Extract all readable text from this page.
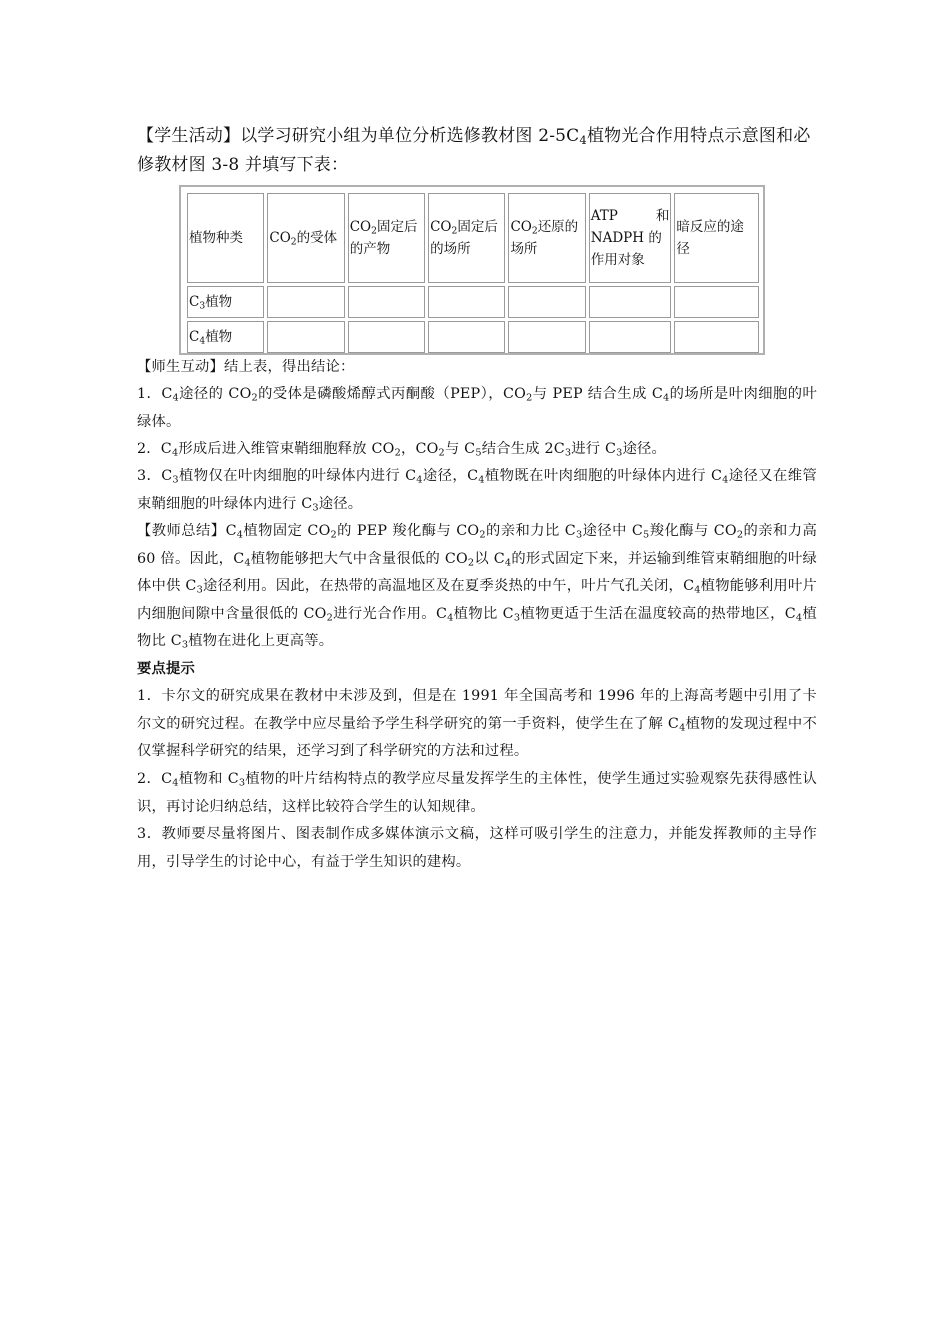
【学生活动】以学习研究小组为单位分析选修教材图 $2-5C_4$植物光合作用特点示意图和必
修教材图 3-8 并填写下表：

植物种类	$CO_2$的受体	$CO_2$固定后的产物	$CO_2$固定后的场所	$CO_2$还原的场所	ATP 和
NADPH 的作用对象	暗反应的途径
$C_3$植物						
$C_4$植物						

【师生互动】结上表，得出结论：

1．$C_4$途径的 $CO_2$的受体是磷酸烯醇式丙酮酸（PEP），$CO_2$与 PEP 结合生成 $C_4$的场所是叶肉细胞的叶绿体。

2．$C_4$形成后进入维管束鞘细胞释放 $CO_2$，$CO_2$与 $C_5$结合生成 $2C_3$进行 $C_3$途径。

3．$C_3$植物仅在叶肉细胞的叶绿体内进行 $C_4$途径，$C_4$植物既在叶肉细胞的叶绿体内进行 $C_4$途径又在维管束鞘细胞的叶绿体内进行 $C_3$途径。

【教师总结】$C_4$植物固定 $CO_2$的 PEP 羧化酶与 $CO_2$的亲和力比 $C_3$途径中 $C_5$羧化酶与 $CO_2$的亲和力高 60 倍。因此，$C_4$植物能够把大气中含量很低的 $CO_2$以 $C_4$的形式固定下来，并运输到维管束鞘细胞的叶绿体中供 $C_3$途径利用。因此，在热带的高温地区及在夏季炎热的中午，叶片气孔关闭，$C_4$植物能够利用叶片内细胞间隙中含量很低的 $CO_2$进行光合作用。$C_4$植物比 $C_3$植物更适于生活在温度较高的热带地区，$C_4$植物比 $C_3$植物在进化上更高等。

要点提示

1．卡尔文的研究成果在教材中未涉及到，但是在 1991 年全国高考和 1996 年的上海高考题中引用了卡尔文的研究过程。在教学中应尽量给予学生科学研究的第一手资料，使学生在了解 $C_4$植物的发现过程中不仅掌握科学研究的结果，还学习到了科学研究的方法和过程。

2．$C_4$植物和 $C_3$植物的叶片结构特点的教学应尽量发挥学生的主体性，使学生通过实验观察先获得感性认识，再讨论归纳总结，这样比较符合学生的认知规律。

3．教师要尽量将图片、图表制作成多媒体演示文稿，这样可吸引学生的注意力，并能发挥教师的主导作用，引导学生的讨论中心，有益于学生知识的建构。
